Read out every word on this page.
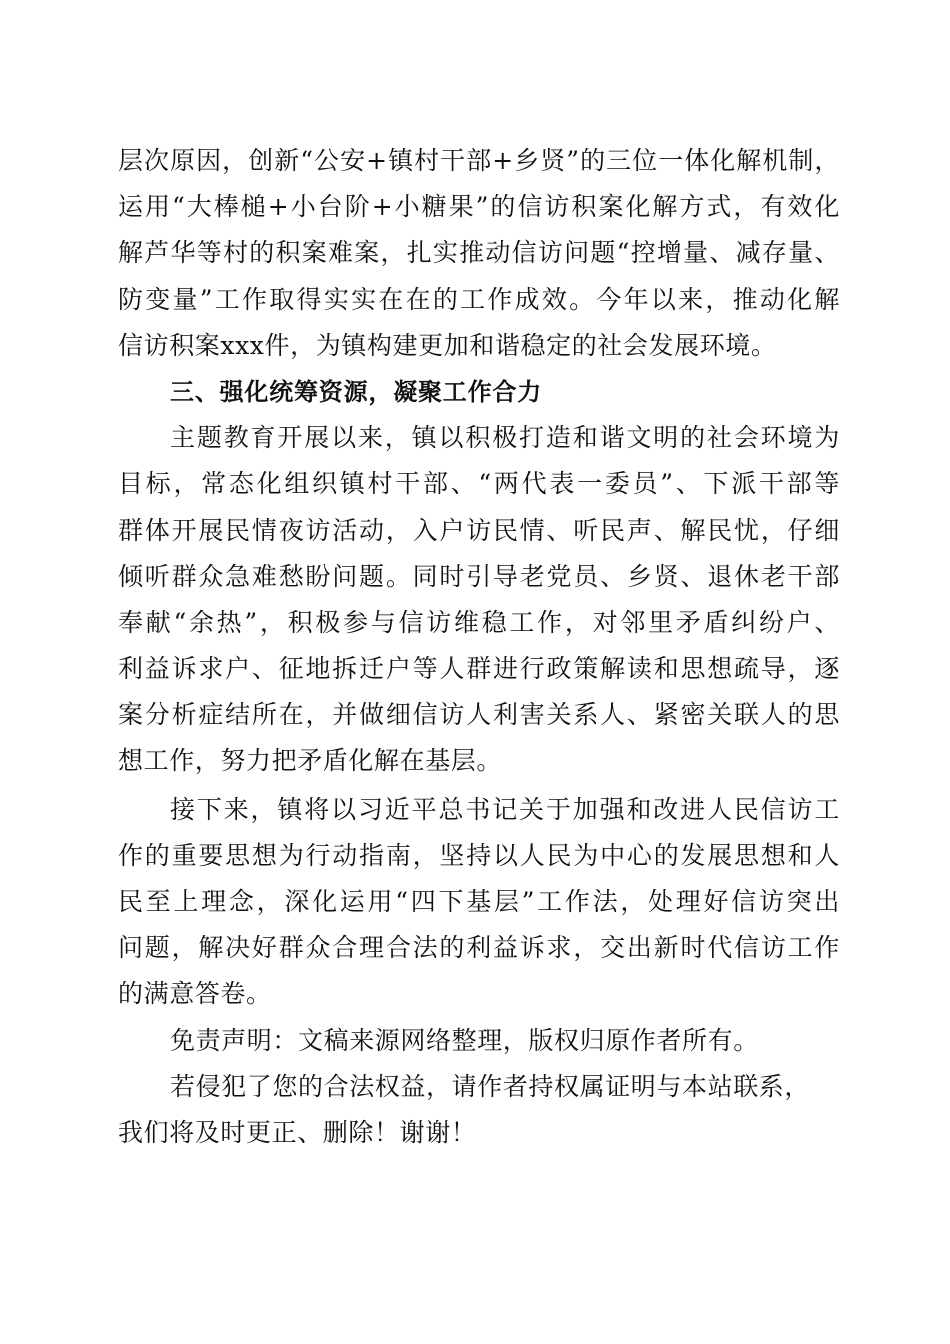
层次原因，创新“公安+镇村干部+乡贤”的三位一体化解机制，
运用“大棒槌+小台阶+小糖果”的信访积案化解方式，有效化
解芦华等村的积案难案，扎实推动信访问题“控增量、减存量、
防变量”工作取得实实在在的工作成效。今年以来，推动化解
信访积案xxx件，为镇构建更加和谐稳定的社会发展环境。
三、强化统筹资源，凝聚工作合力
主题教育开展以来，镇以积极打造和谐文明的社会环境为
目标，常态化组织镇村干部、“两代表一委员”、下派干部等
群体开展民情夜访活动，入户访民情、听民声、解民忧，仔细
倾听群众急难愁盼问题。同时引导老党员、乡贤、退休老干部
奉献“余热”，积极参与信访维稳工作，对邻里矛盾纠纷户、
利益诉求户、征地拆迁户等人群进行政策解读和思想疏导，逐
案分析症结所在，并做细信访人利害关系人、紧密关联人的思
想工作，努力把矛盾化解在基层。
接下来，镇将以习近平总书记关于加强和改进人民信访工
作的重要思想为行动指南，坚持以人民为中心的发展思想和人
民至上理念，深化运用“四下基层”工作法，处理好信访突出
问题，解决好群众合理合法的利益诉求，交出新时代信访工作
的满意答卷。
免责声明：文稿来源网络整理，版权归原作者所有。
若侵犯了您的合法权益，请作者持权属证明与本站联系，
我们将及时更正、删除！谢谢！
